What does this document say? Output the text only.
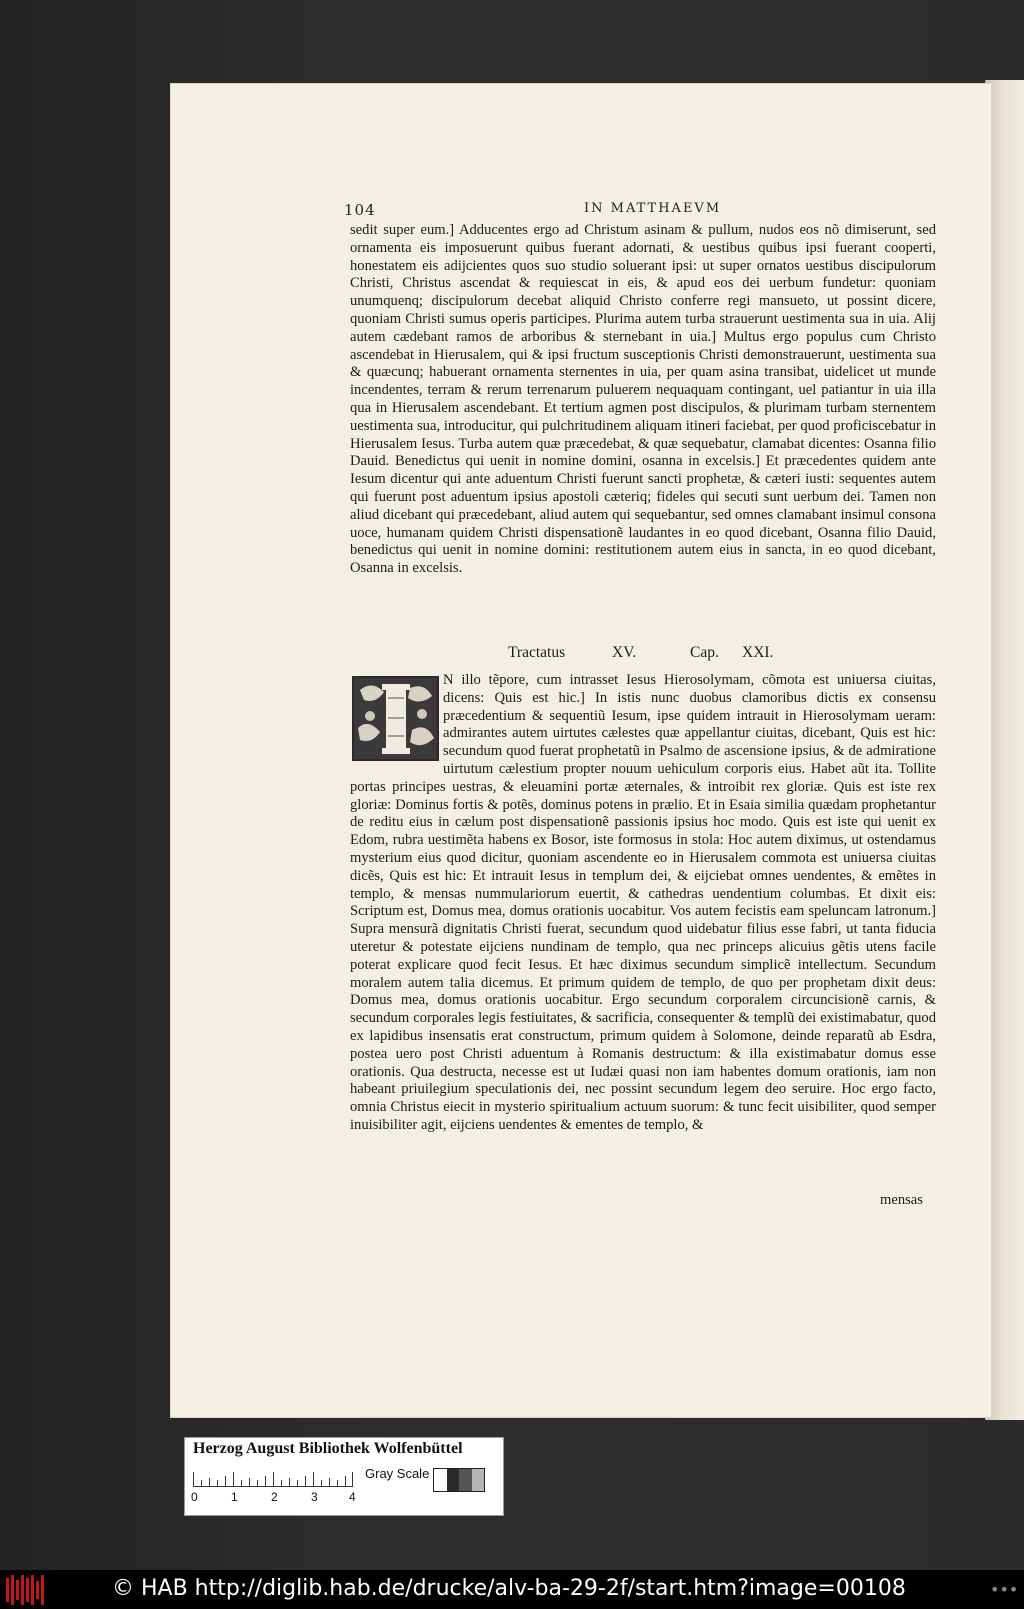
104	IN MATTHAEVM

sedit super eum.] Adducentes ergo ad Christum asinam & pullum, nudos eos nõ dimiserunt, sed ornamenta eis imposuerunt quibus fuerant adornati, & uestibus quibus ipsi fuerant cooperti, honestatem eis adijcientes quos suo studio soluerant ipsi: ut super ornatos uestibus discipulorum Christi, Christus ascendat & requiescat in eis, & apud eos dei uerbum fundetur: quoniam unumquenq; discipulorum decebat aliquid Christo conferre regi mansueto, ut possint dicere, quoniam Christi sumus operis participes. Plurima autem turba strauerunt uestimenta sua in uia. Alij autem cædebant ramos de arboribus & sternebant in uia.] Multus ergo populus cum Christo ascendebat in Hierusalem, qui & ipsi fructum susceptionis Christi demonstrauerunt, uestimenta sua & quæcunq; habuerant ornamenta sternentes in uia, per quam asina transibat, uidelicet ut munde incendentes, terram & rerum terrenarum puluerem nequaquam contingant, uel patiantur in uia illa qua in Hierusalem ascendebant. Et tertium agmen post discipulos, & plurimam turbam sternentem uestimenta sua, introducitur, qui pulchritudinem aliquam itineri faciebat, per quod proficiscebatur in Hierusalem Iesus. Turba autem quæ præcedebat, & quæ sequebatur, clamabat dicentes: Osanna filio Dauid. Benedictus qui uenit in nomine domini, osanna in excelsis.] Et præcedentes quidem ante Iesum dicentur qui ante aduentum Christi fuerunt sancti prophetæ, & cæteri iusti: sequentes autem qui fuerunt post aduentum ipsius apostoli cæteriq; fideles qui secuti sunt uerbum dei. Tamen non aliud dicebant qui præcedebant, aliud autem qui sequebantur, sed omnes clamabant insimul consona uoce, humanam quidem Christi dispensationẽ laudantes in eo quod dicebant, Osanna filio Dauid, benedictus qui uenit in nomine domini: restitutionem autem eius in sancta, in eo quod dicebant, Osanna in excelsis.

Tractatus	XV.	Cap. XXI.

N illo tẽpore, cum intrasset Iesus Hierosolymam, cõmota est uniuersa ciuitas, dicens: Quis est hic.] In istis nunc duobus clamoribus dictis ex consensu præcedentium & sequentiũ Iesum, ipse quidem intrauit in Hierosolymam ueram: admirantes autem uirtutes cælestes quæ appellantur ciuitas, dicebant, Quis est hic: secundum quod fuerat prophetatũ in Psalmo de ascensione ipsius, & de admiratione uirtutum cælestium propter nouum uehiculum corporis eius. Habet aũt ita. Tollite portas principes uestras, & eleuamini portæ æternales, & introibit rex gloriæ. Quis est iste rex gloriæ: Dominus fortis & potẽs, dominus potens in prælio. Et in Esaia similia quædam prophetantur de reditu eius in cælum post dispensationẽ passionis ipsius hoc modo. Quis est iste qui uenit ex Edom, rubra uestimẽta habens ex Bosor, iste formosus in stola: Hoc autem diximus, ut ostendamus mysterium eius quod dicitur, quoniam ascendente eo in Hierusalem commota est uniuersa ciuitas dicẽs, Quis est hic: Et intrauit Iesus in templum dei, & eijciebat omnes uendentes, & emẽtes in templo, & mensas nummulariorum euertit, & cathedras uendentium columbas. Et dixit eis: Scriptum est, Domus mea, domus orationis uocabitur. Vos autem fecistis eam speluncam latronum.] Supra mensurã dignitatis Christi fuerat, secundum quod uidebatur filius esse fabri, ut tanta fiducia uteretur & potestate eijciens nundinam de templo, qua nec princeps alicuius gẽtis utens facile poterat explicare quod fecit Iesus. Et hæc diximus secundum simplicẽ intellectum. Secundum moralem autem talia dicemus. Et primum quidem de templo, de quo per prophetam dixit deus: Domus mea, domus orationis uocabitur. Ergo secundum corporalem circuncisionẽ carnis, & secundum corporales legis festiuitates, & sacrificia, consequenter & templũ dei existimabatur, quod ex lapidibus insensatis erat constructum, primum quidem à Solomone, deinde reparatũ ab Esdra, postea uero post Christi aduentum à Romanis destructum: & illa existimabatur domus esse orationis. Qua destructa, necesse est ut Iudæi quasi non iam habentes domum orationis, iam non habeant priuilegium speculationis dei, nec possint secundum legem deo seruire. Hoc ergo facto, omnia Christus eiecit in mysterio spiritualium actuum suorum: & tunc fecit uisibiliter, quod semper inuisibiliter agit, eijciens uendentes & ementes de templo, &

mensas
Herzog August Bibliothek Wolfenbüttel
0	1	2	3	4
Gray Scale
© HAB http://diglib.hab.de/drucke/alv-ba-29-2f/start.htm?image=00108	•••
